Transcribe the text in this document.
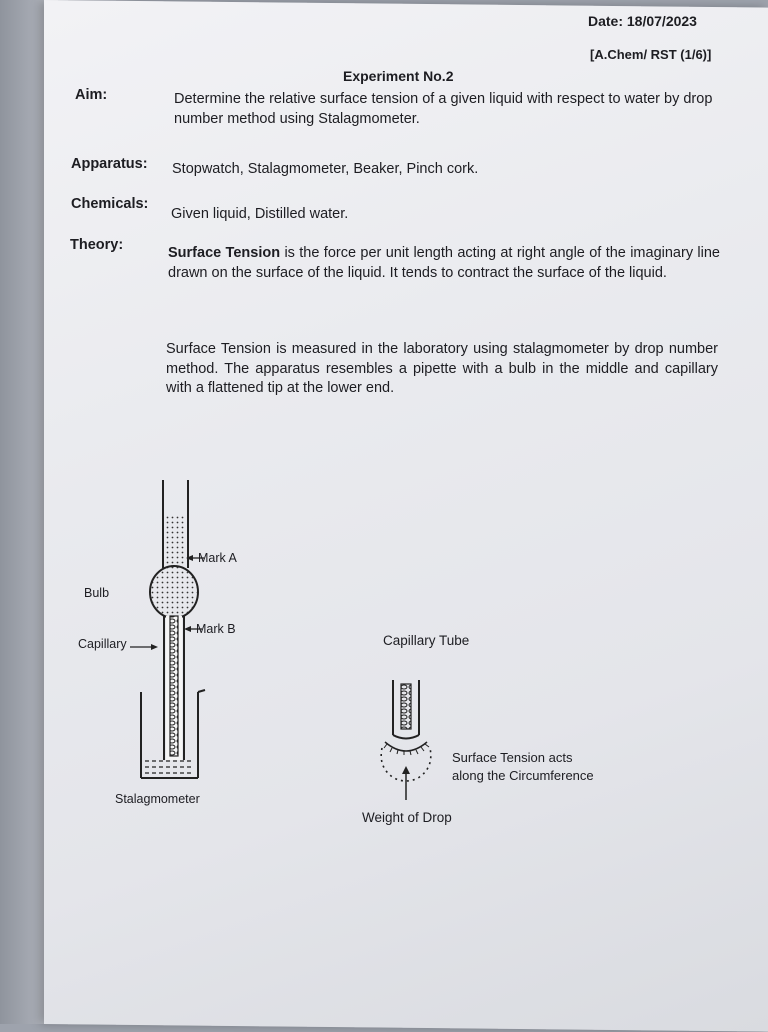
Date: 18/07/2023
[A.Chem/ RST (1/6)]
Experiment No.2
Aim:	Determine the relative surface tension of a given liquid with respect to water by drop number method using Stalagmometer.
Apparatus: Stopwatch, Stalagmometer, Beaker, Pinch cork.
Chemicals:
Given liquid, Distilled water.
Theory:	Surface Tension is the force per unit length acting at right angle of the imaginary line drawn on the surface of the liquid. It tends to contract the surface of the liquid.
Surface Tension is measured in the laboratory using stalagmometer by drop number method. The apparatus resembles a pipette with a bulb in the middle and capillary with a flattened tip at the lower end.
Mark A
Bulb
Mark B
Capillary
Stalagmometer
Capillary Tube
Surface Tension acts
along the Circumference
Weight of Drop
